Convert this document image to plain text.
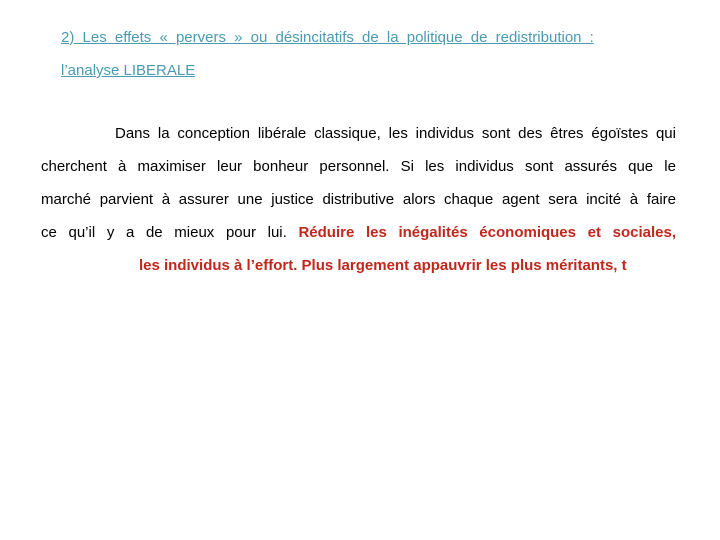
2) Les effets « pervers » ou désincitatifs de la politique de redistribution :
l’analyse LIBERALE
Dans la conception libérale classique, les individus sont des êtres égoïstes qui
cherchent à maximiser leur bonheur personnel. Si les individus sont assurés que le
marché parvient à assurer une justice distributive alors chaque agent sera incité à faire
ce qu’il y a de mieux pour lui. Réduire les inégalités économiques et sociales,
les individus à l’effort. Plus largement appauvrir les plus méritants, t
